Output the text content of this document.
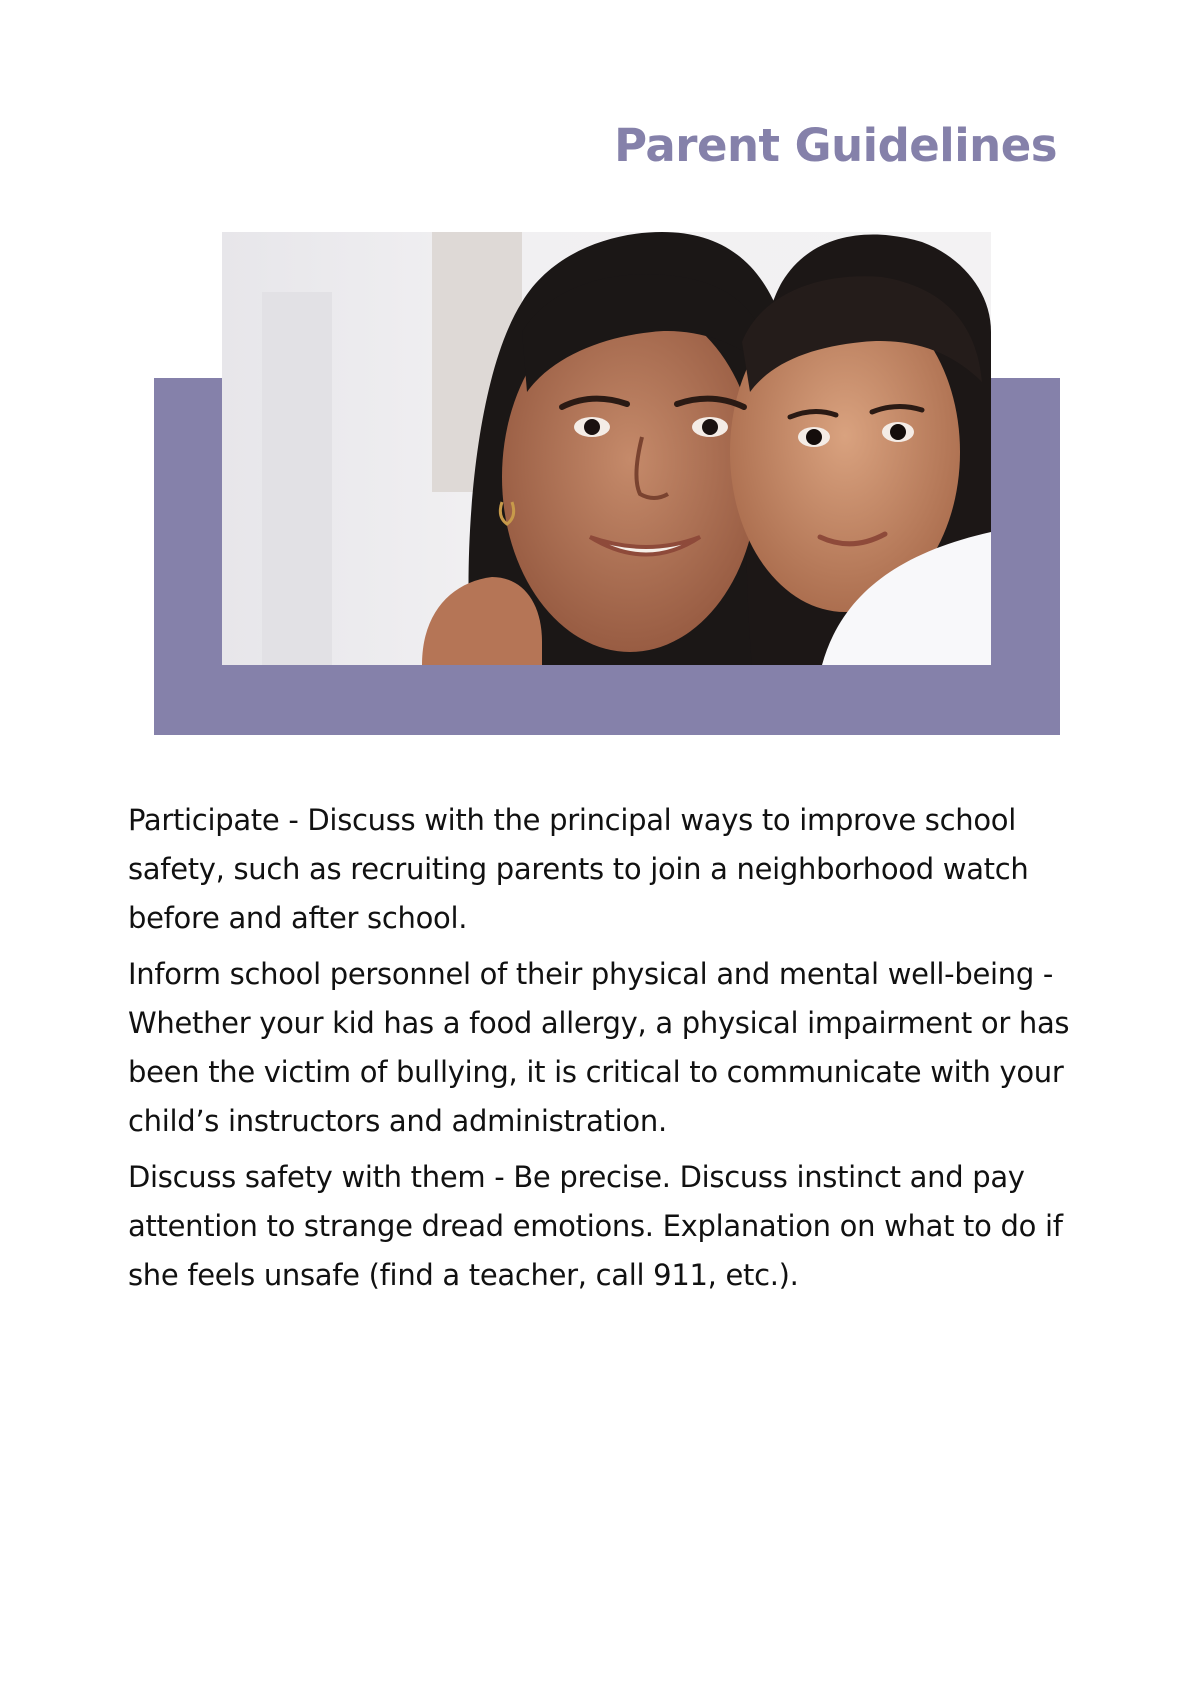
Parent Guidelines

Participate - Discuss with the principal ways to improve school safety, such as recruiting parents to join a neighborhood watch before and after school.

Inform school personnel of their physical and mental well-being - Whether your kid has a food allergy, a physical impairment or has been the victim of bullying, it is critical to communicate with your child’s instructors and administration.

Discuss safety with them - Be precise. Discuss instinct and pay attention to strange dread emotions. Explanation on what to do if she feels unsafe (find a teacher, call 911, etc.).
